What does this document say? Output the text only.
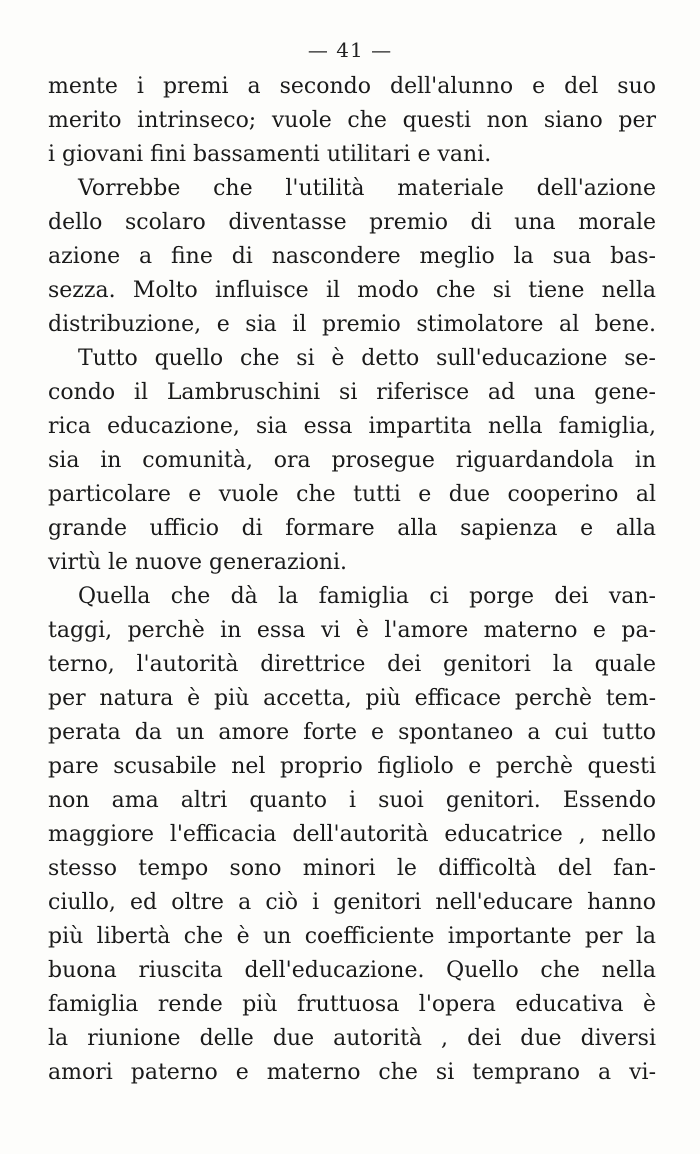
— 41 —
mente i premi a secondo dell'alunno e del suo
merito intrinseco; vuole che questi non siano per
i giovani fini bassamenti utilitari e vani.
Vorrebbe che l'utilità materiale dell'azione
dello scolaro diventasse premio di una morale
azione a fine di nascondere meglio la sua bas-
sezza. Molto influisce il modo che si tiene nella
distribuzione, e sia il premio stimolatore al bene.
Tutto quello che si è detto sull'educazione se-
condo il Lambruschini si riferisce ad una gene-
rica educazione, sia essa impartita nella famiglia,
sia in comunità, ora prosegue riguardandola in
particolare e vuole che tutti e due cooperino al
grande ufficio di formare alla sapienza e alla
virtù le nuove generazioni.
Quella che dà la famiglia ci porge dei van-
taggi, perchè in essa vi è l'amore materno e pa-
terno, l'autorità direttrice dei genitori la quale
per natura è più accetta, più efficace perchè tem-
perata da un amore forte e spontaneo a cui tutto
pare scusabile nel proprio figliolo e perchè questi
non ama altri quanto i suoi genitori. Essendo
maggiore l'efficacia dell'autorità educatrice , nello
stesso tempo sono minori le difficoltà del fan-
ciullo, ed oltre a ciò i genitori nell'educare hanno
più libertà che è un coefficiente importante per la
buona riuscita dell'educazione. Quello che nella
famiglia rende più fruttuosa l'opera educativa è
la riunione delle due autorità , dei due diversi
amori paterno e materno che si temprano a vi-
